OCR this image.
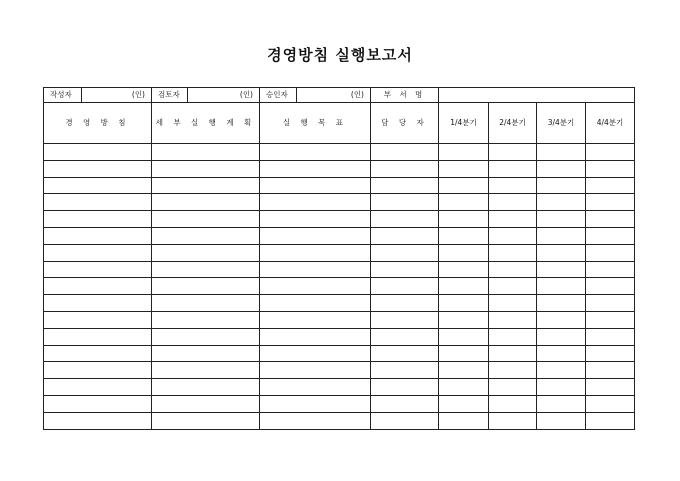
경영방침 실행보고서
작성자	(인)	검토자	(인)	승인자	(인)	부 서 명				
경 영 방 침		세 부 실 행 계 획		실 행 목 표		담 당 자	1/4분기	2/4분기	3/4분기	4/4분기
